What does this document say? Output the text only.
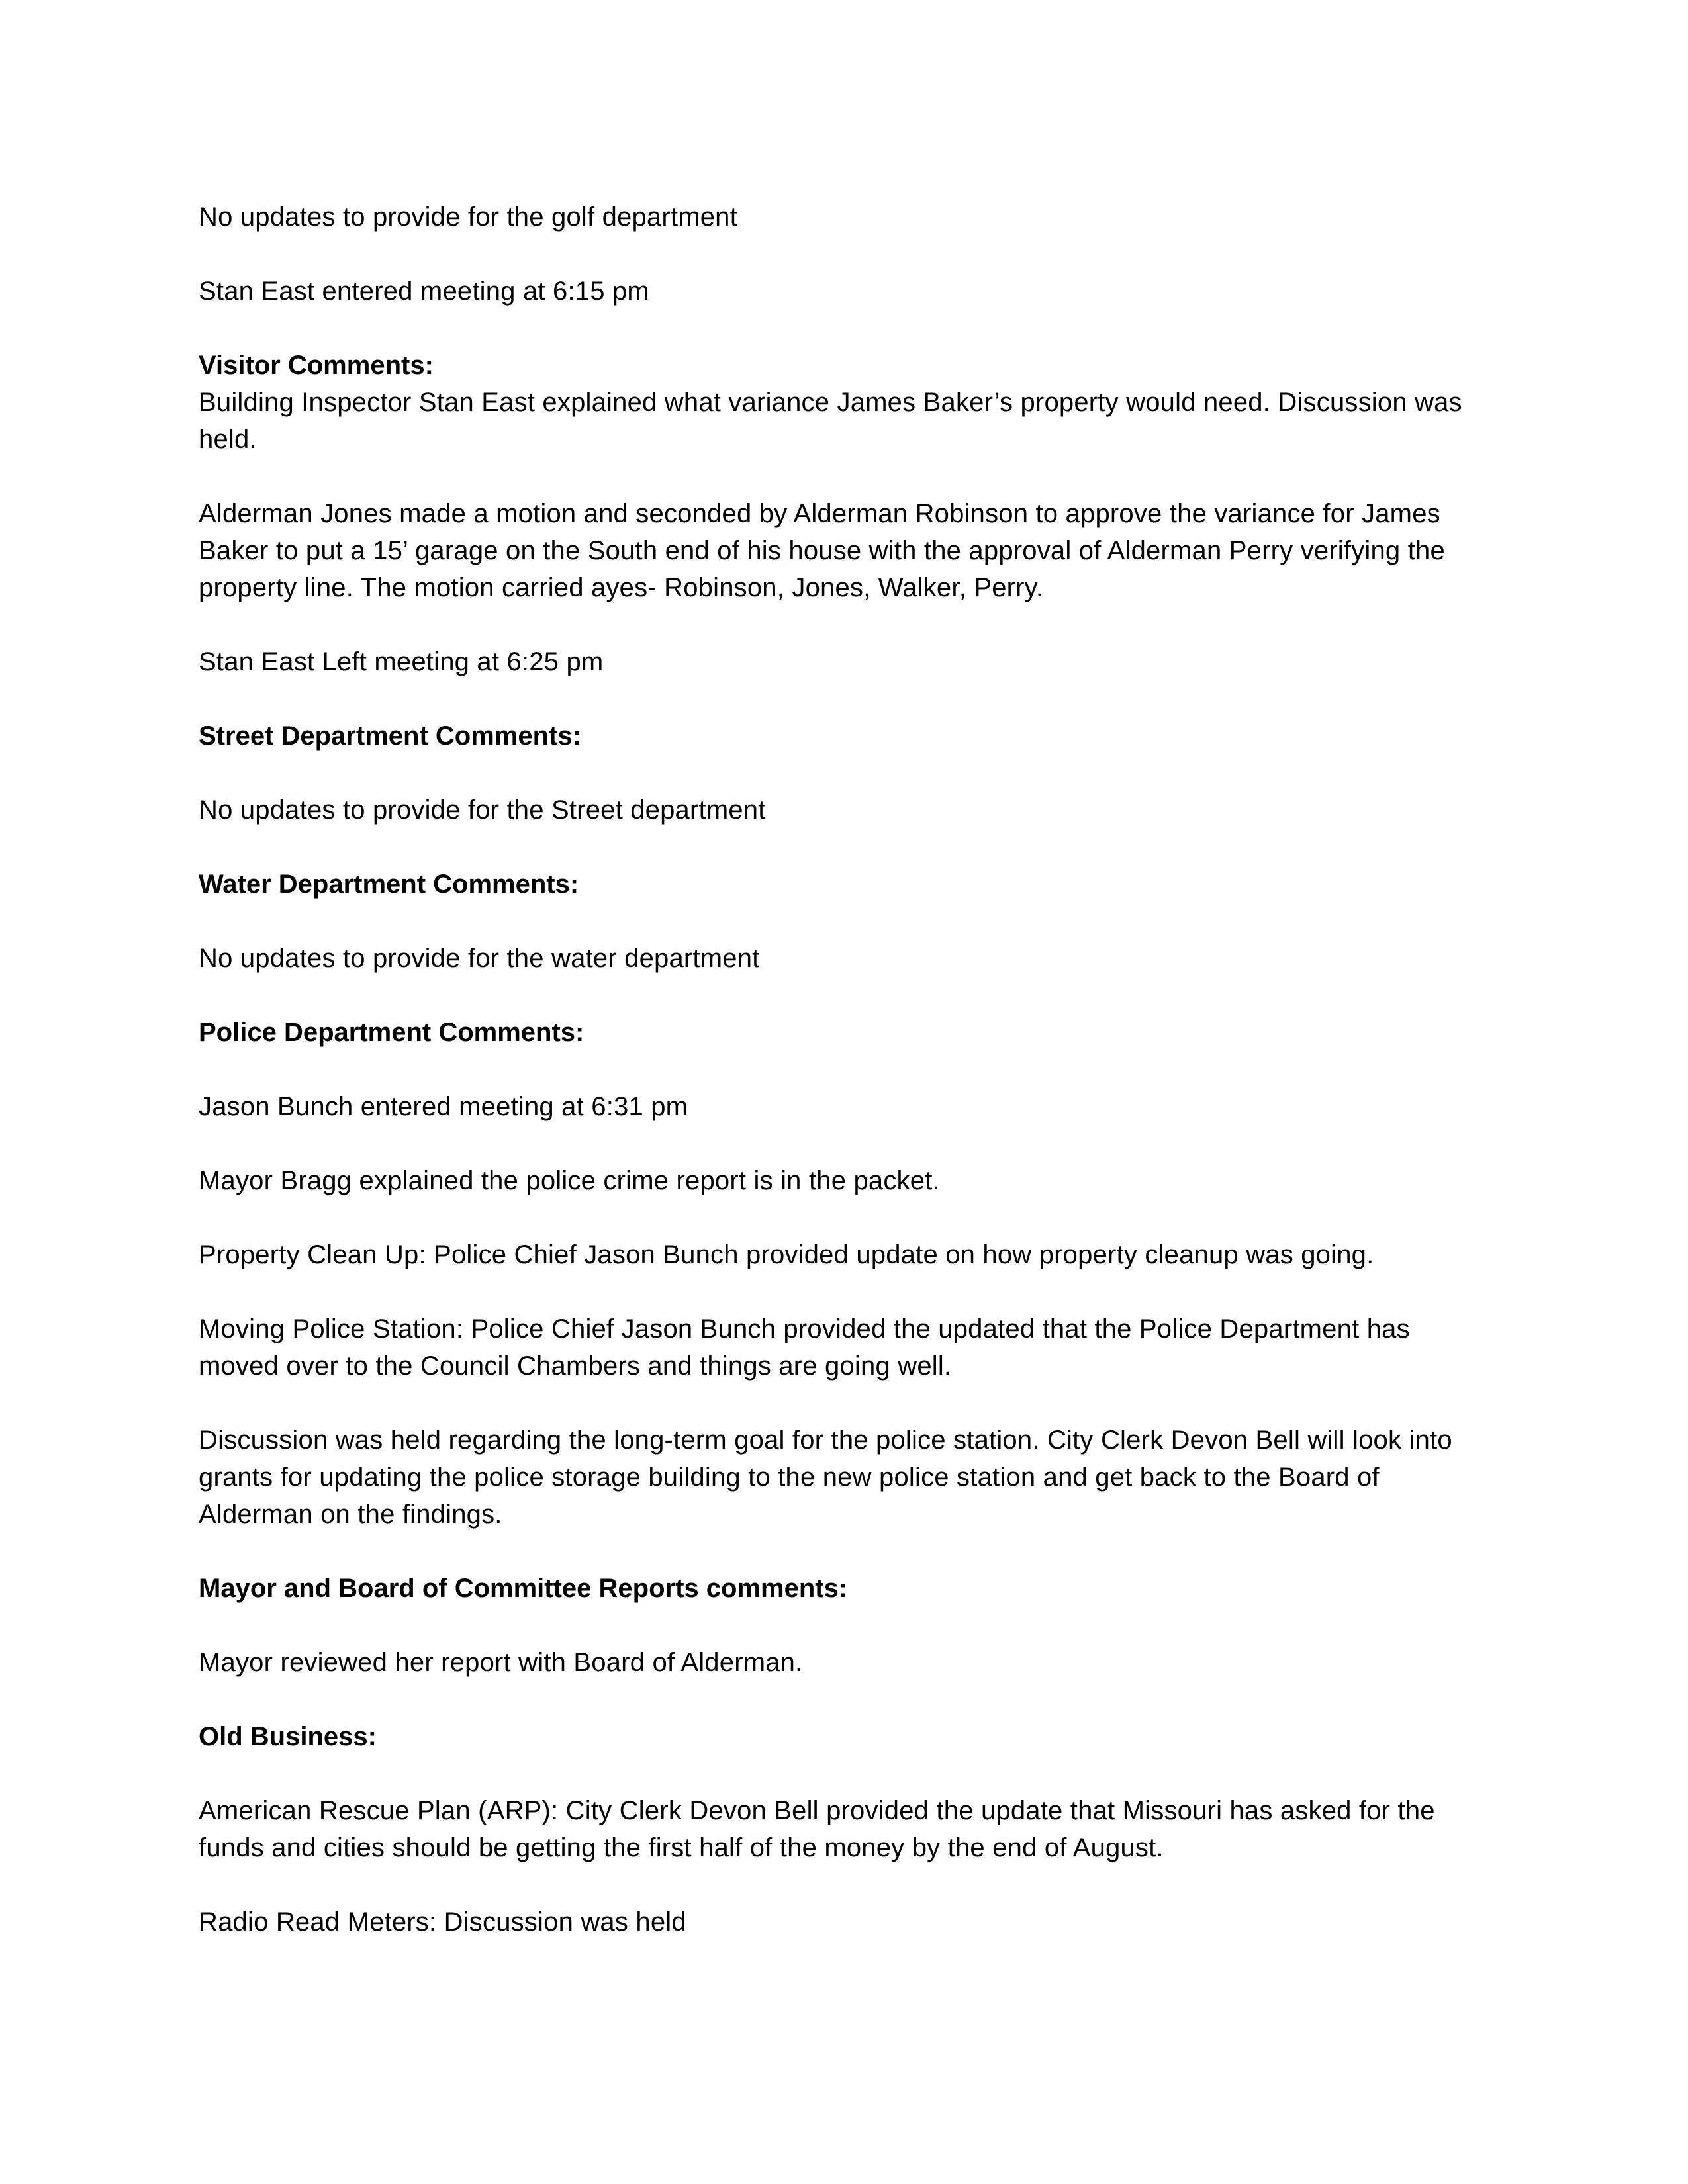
No updates to provide for the golf department

Stan East entered meeting at 6:15 pm

Visitor Comments:

Building Inspector Stan East explained what variance James Baker’s property would need. Discussion was held.

Alderman Jones made a motion and seconded by Alderman Robinson to approve the variance for James Baker to put a 15’ garage on the South end of his house with the approval of Alderman Perry verifying the property line. The motion carried ayes- Robinson, Jones, Walker, Perry.

Stan East Left meeting at 6:25 pm

Street Department Comments:

No updates to provide for the Street department

Water Department Comments:

No updates to provide for the water department

Police Department Comments:

Jason Bunch entered meeting at 6:31 pm

Mayor Bragg explained the police crime report is in the packet.

Property Clean Up: Police Chief Jason Bunch provided update on how property cleanup was going.

Moving Police Station: Police Chief Jason Bunch provided the updated that the Police Department has moved over to the Council Chambers and things are going well.

Discussion was held regarding the long-term goal for the police station. City Clerk Devon Bell will look into grants for updating the police storage building to the new police station and get back to the Board of Alderman on the findings.

Mayor and Board of Committee Reports comments:

Mayor reviewed her report with Board of Alderman.

Old Business:

American Rescue Plan (ARP): City Clerk Devon Bell provided the update that Missouri has asked for the funds and cities should be getting the first half of the money by the end of August.

Radio Read Meters: Discussion was held
